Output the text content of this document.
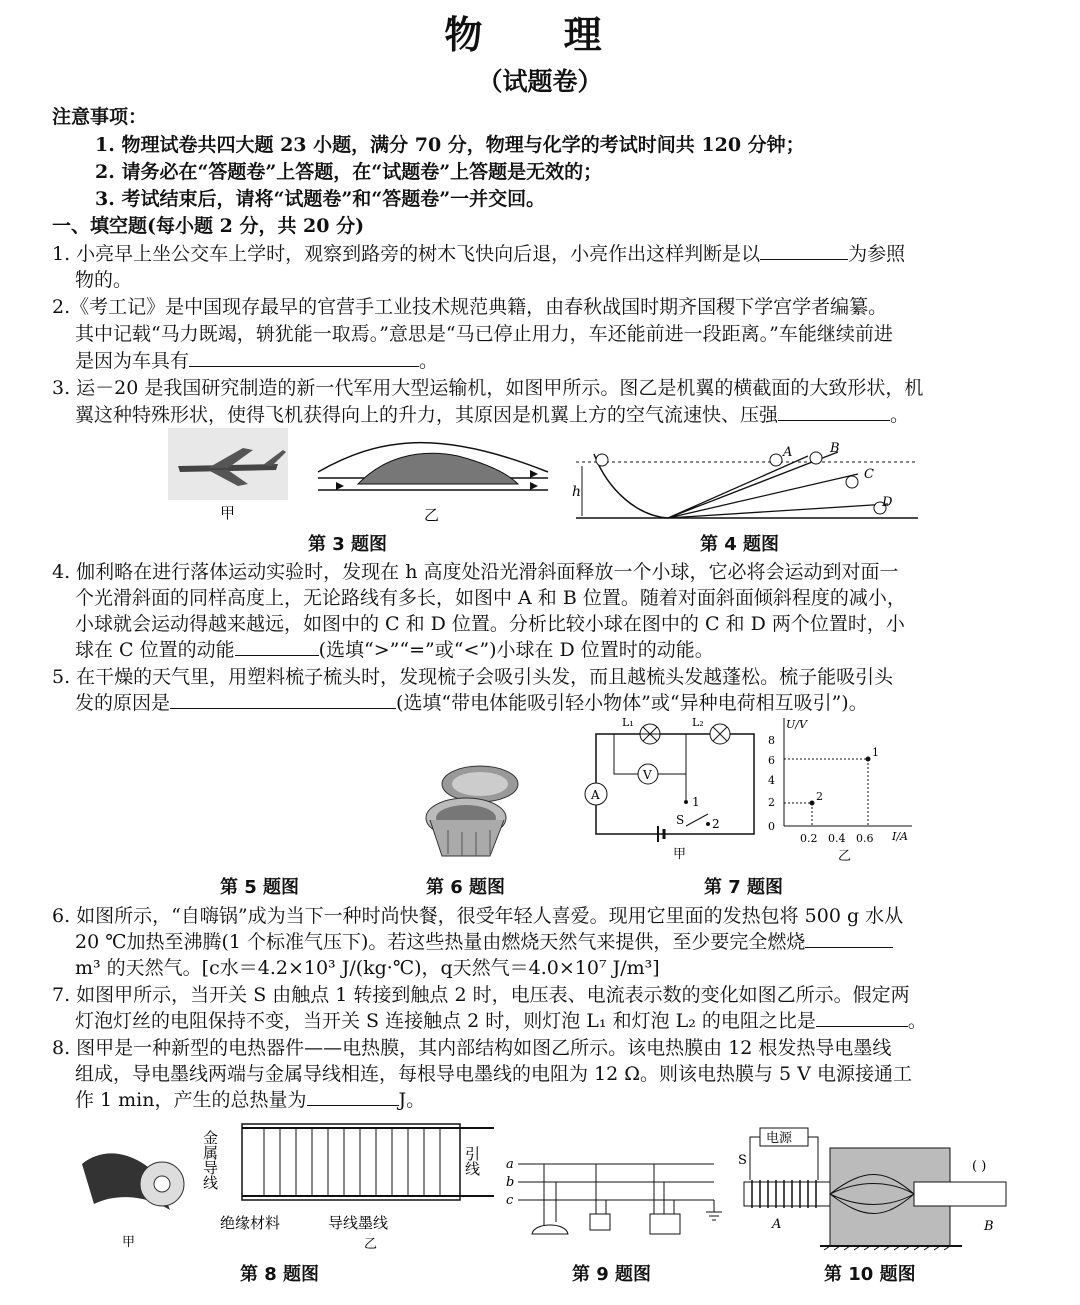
物 理
（试题卷）
注意事项：
1. 物理试卷共四大题 23 小题，满分 70 分，物理与化学的考试时间共 120 分钟；
2. 请务必在“答题卷”上答题，在“试题卷”上答题是无效的；
3. 考试结束后，请将“试题卷”和“答题卷”一并交回。
一、填空题(每小题 2 分，共 20 分)
1. 小亮早上坐公交车上学时，观察到路旁的树木飞快向后退，小亮作出这样判断是以	为参照
物的。
2.《考工记》是中国现存最早的官营手工业技术规范典籍，由春秋战国时期齐国稷下学宫学者编纂。
其中记载“马力既竭，辀犹能一取焉。”意思是“马已停止用力，车还能前进一段距离。”车能继续前进
是因为车具有	。
3. 运－20 是我国研究制造的新一代军用大型运输机，如图甲所示。图乙是机翼的横截面的大致形状，机
翼这种特殊形状，使得飞机获得向上的升力，其原因是机翼上方的空气流速快、压强	。
甲	乙
h
A	B
C
D
第 3 题图	第 4 题图
4. 伽利略在进行落体运动实验时，发现在 h 高度处沿光滑斜面释放一个小球，它必将会运动到对面一
个光滑斜面的同样高度上，无论路线有多长，如图中 A 和 B 位置。随着对面斜面倾斜程度的减小，
小球就会运动得越来越远，如图中的 C 和 D 位置。分析比较小球在图中的 C 和 D 两个位置时，小
球在 C 位置的动能	(选填“>”“=”或“<”)小球在 D 位置时的动能。
5. 在干燥的天气里，用塑料梳子梳头时，发现梳子会吸引头发，而且越梳头发越蓬松。梳子能吸引头
发的原因是	(选填“带电体能吸引轻小物体”或“异种电荷相互吸引”)。
L₁	L₂
V
A	1
2
S
甲
U/V
I/A
8
6
4
2
0
0.2 0.4 0.6
1
2
乙
第 5 题图	第 6 题图	第 7 题图
6. 如图所示，“自嗨锅”成为当下一种时尚快餐，很受年轻人喜爱。现用它里面的发热包将 500 g 水从
20 ℃加热至沸腾(1 个标准气压下)。若这些热量由燃烧天然气来提供，至少要完全燃烧
m³ 的天然气。[c水＝4.2×10³ J/(kg·℃)，q天然气＝4.0×10⁷ J/m³]
7. 如图甲所示，当开关 S 由触点 1 转接到触点 2 时，电压表、电流表示数的变化如图乙所示。假定两
灯泡灯丝的电阻保持不变，当开关 S 连接触点 2 时，则灯泡 L₁ 和灯泡 L₂ 的电阻之比是	。
8. 图甲是一种新型的电热器件——电热膜，其内部结构如图乙所示。该电热膜由 12 根发热导电墨线
组成，导电墨线两端与金属导线相连，每根导电墨线的电阻为 12 Ω。则该电热膜与 5 V 电源接通工
作 1 min，产生的总热量为	J。
甲
金属导线	引线
绝缘材料	导线墨线
乙
a
b
c
电源
S
A	B
( )
第 8 题图	第 9 题图	第 10 题图
